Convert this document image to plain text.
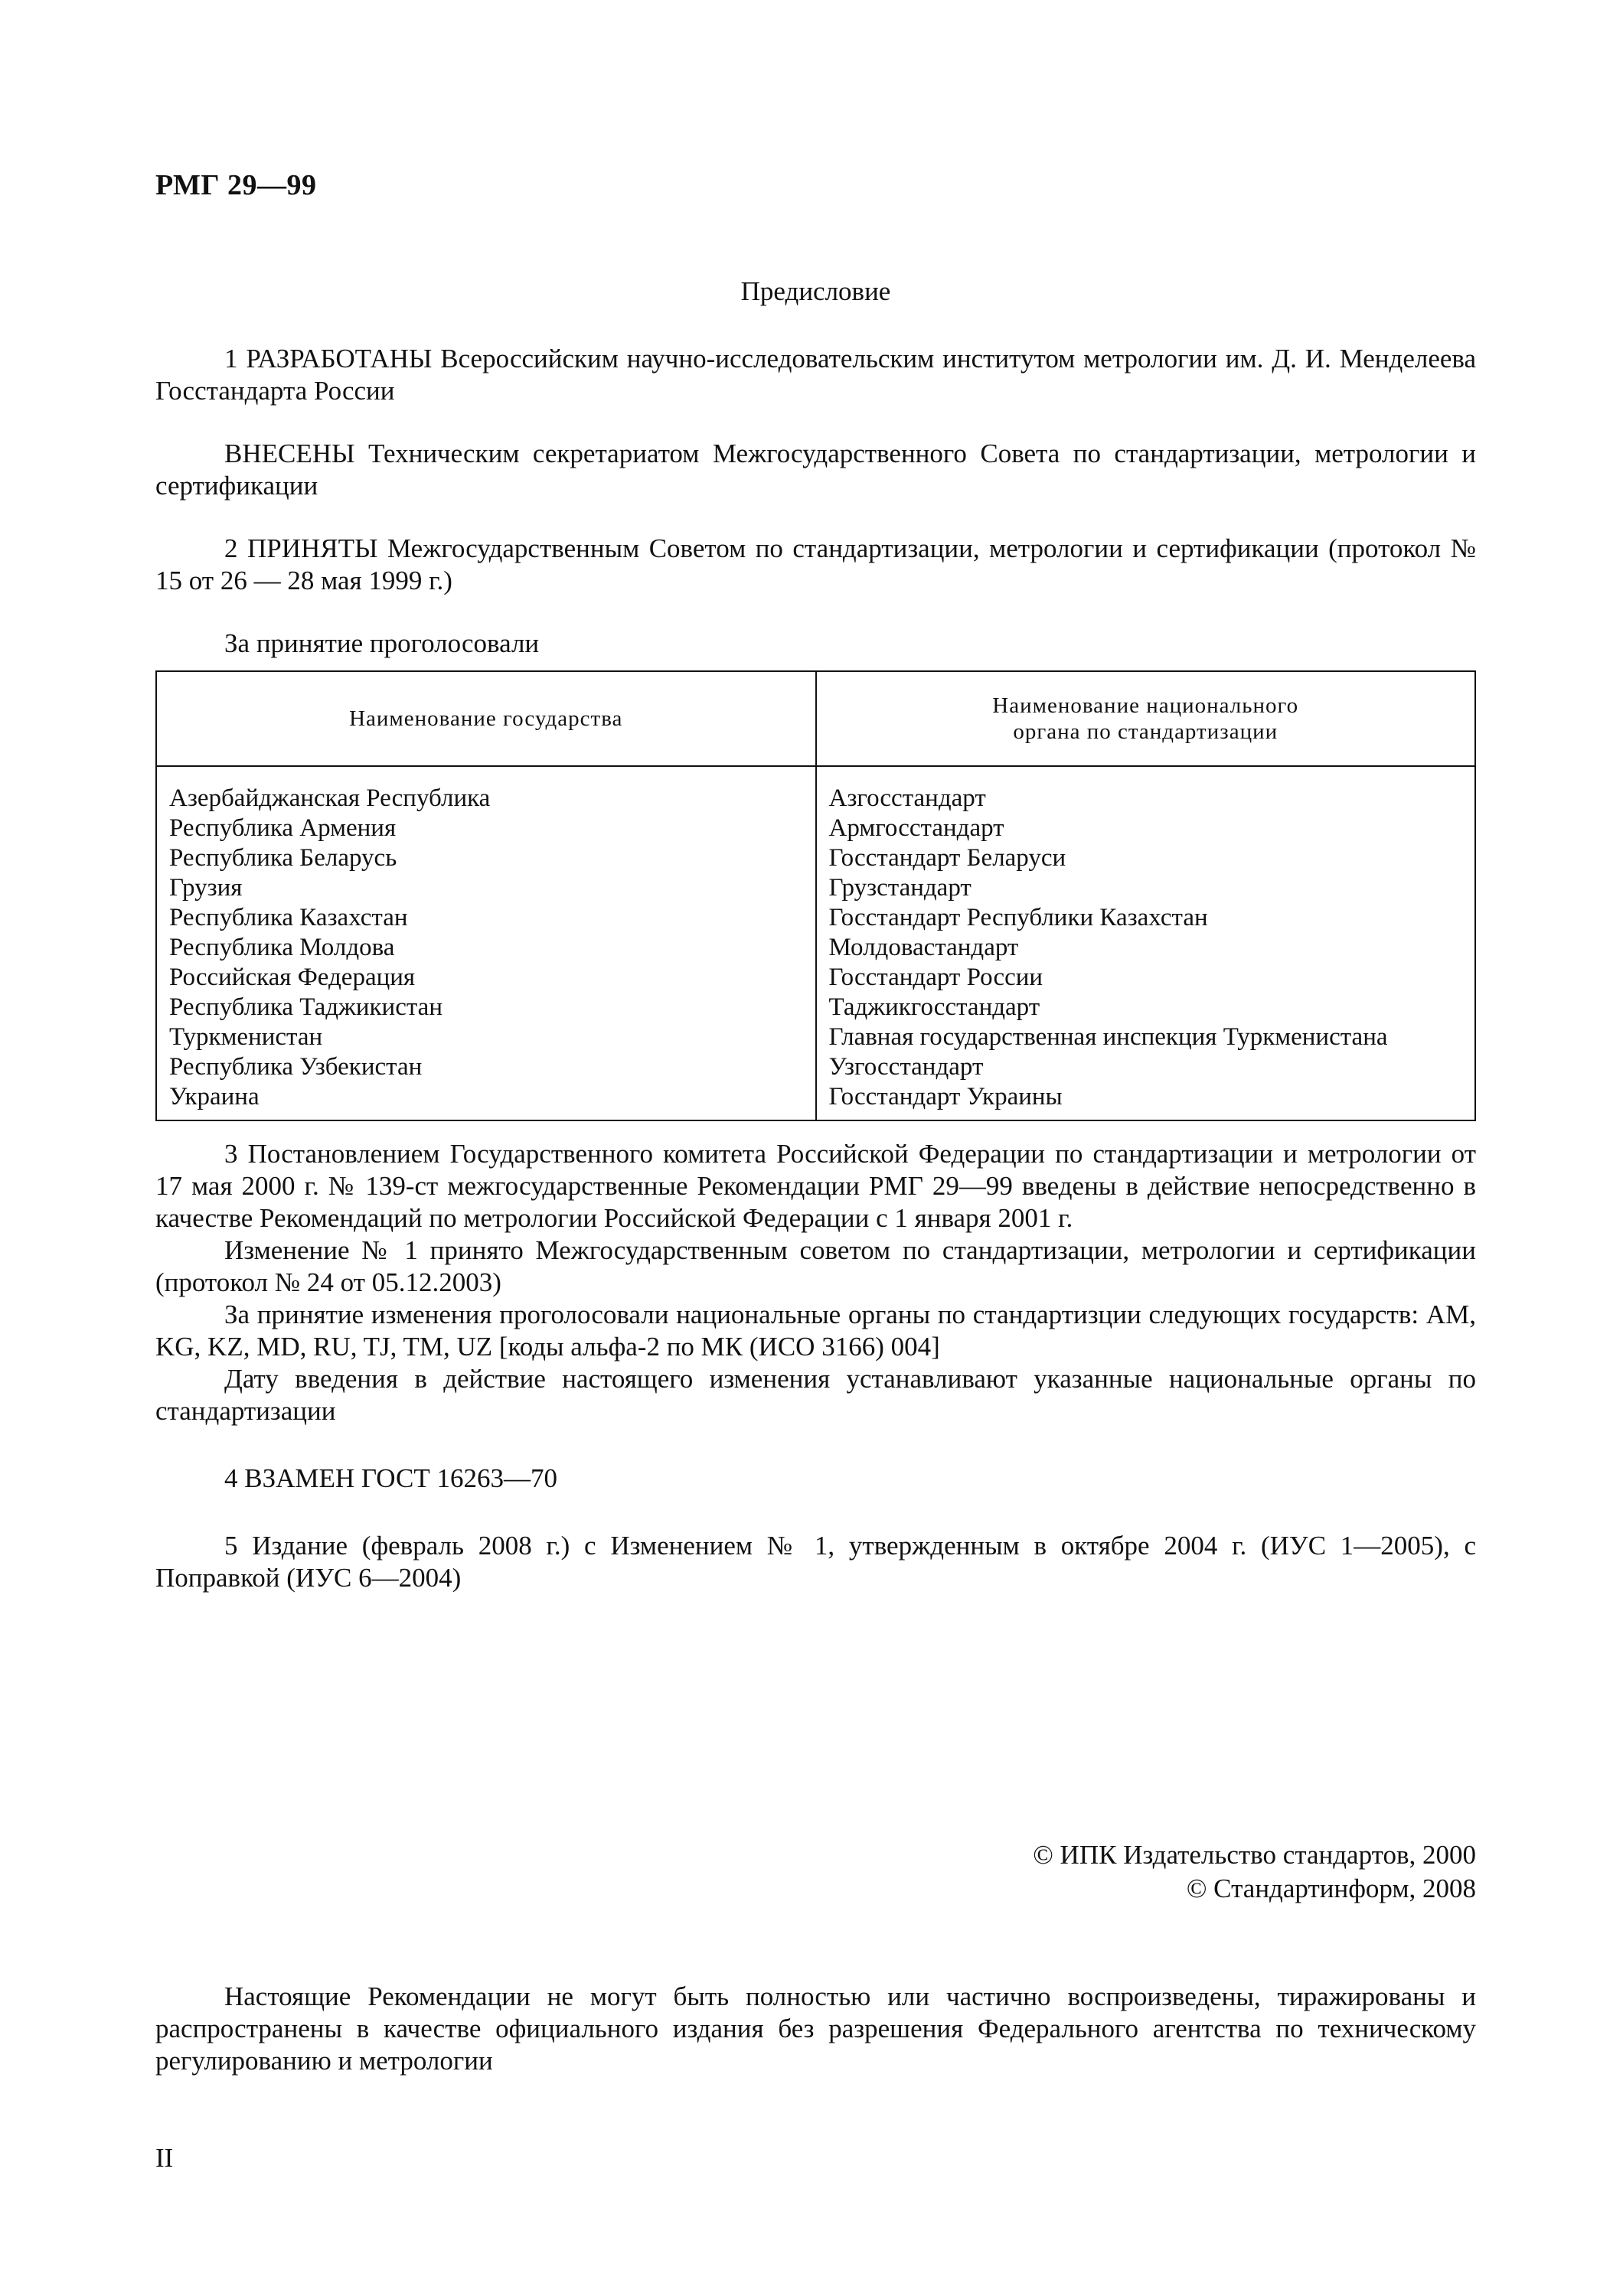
РМГ 29—99
Предисловие

1 РАЗРАБОТАНЫ Всероссийским научно-исследовательским институтом метрологии им. Д. И. Менделеева Госстандарта России

ВНЕСЕНЫ Техническим секретариатом Межгосударственного Совета по стандартизации, метрологии и сертификации

2 ПРИНЯТЫ Межгосударственным Советом по стандартизации, метрологии и сертификации (протокол № 15 от 26 — 28 мая 1999 г.)

За принятие проголосовали

Наименование государства	Наименование национального
органа по стандартизации
Азербайджанская Республика	Азгосстандарт
Республика Армения	Армгосстандарт
Республика Беларусь	Госстандарт Беларуси
Грузия	Грузстандарт
Республика Казахстан	Госстандарт Республики Казахстан
Республика Молдова	Молдовастандарт
Российская Федерация	Госстандарт России
Республика Таджикистан	Таджикгосстандарт
Туркменистан	Главная государственная инспекция Туркменистана
Республика Узбекистан	Узгосстандарт
Украина	Госстандарт Украины

3 Постановлением Государственного комитета Российской Федерации по стандартизации и метрологии от 17 мая 2000 г. № 139-ст межгосударственные Рекомендации РМГ 29—99 введены в действие непосредственно в качестве Рекомендаций по метрологии Российской Федерации с 1 января 2001 г.

Изменение № 1 принято Межгосударственным советом по стандартизации, метрологии и сертификации (протокол № 24 от 05.12.2003)

За принятие изменения проголосовали национальные органы по стандартизции следующих государств: AM, KG, KZ, MD, RU, TJ, TM, UZ [коды альфа-2 по МК (ИСО 3166) 004]

Дату введения в действие настоящего изменения устанавливают указанные национальные органы по стандартизации

4 ВЗАМЕН ГОСТ 16263—70

5 Издание (февраль 2008 г.) с Изменением № 1, утвержденным в октябре 2004 г. (ИУС 1—2005), с Поправкой (ИУС 6—2004)

© ИПК Издательство стандартов, 2000
© Стандартинформ, 2008

Настоящие Рекомендации не могут быть полностью или частично воспроизведены, тиражированы и распространены в качестве официального издания без разрешения Федерального агентства по техническому регулированию и метрологии

II
